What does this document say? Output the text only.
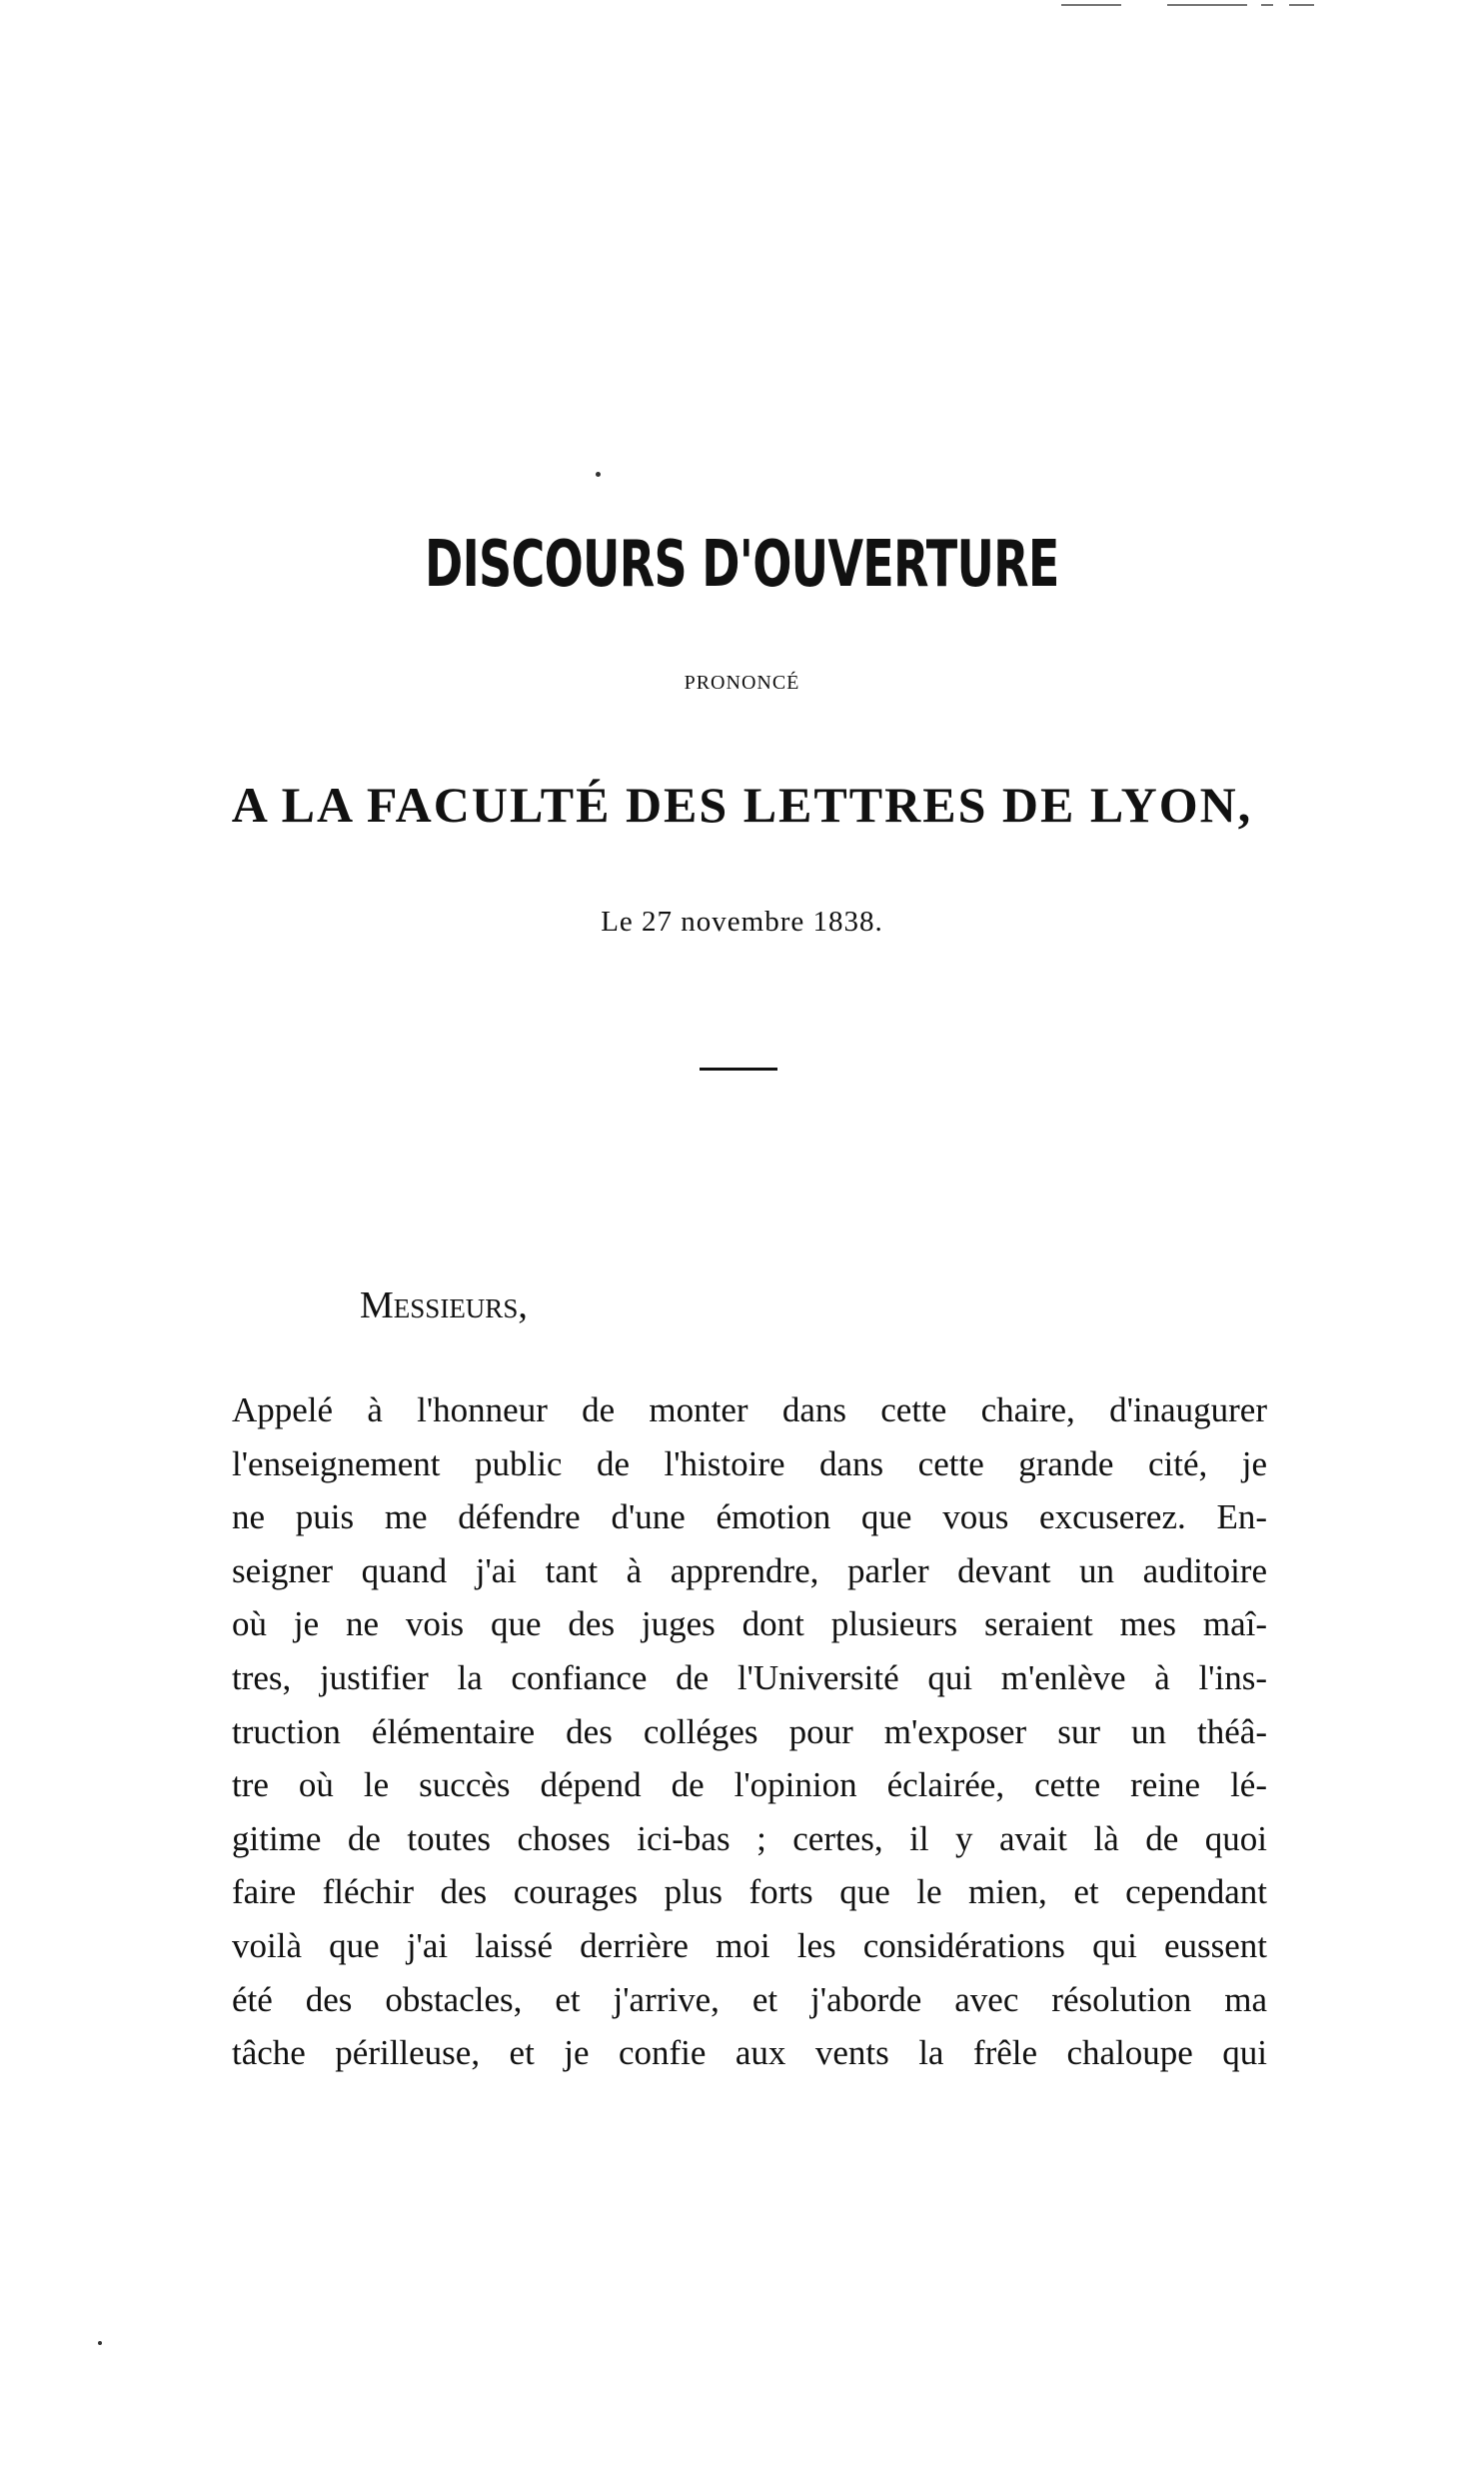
DISCOURS D'OUVERTURE

PRONONCÉ

A LA FACULTÉ DES LETTRES DE LYON,

Le 27 novembre 1838.

Messieurs,

Appelé à l'honneur de monter dans cette chaire, d'inaugurer
l'enseignement public de l'histoire dans cette grande cité, je
ne puis me défendre d'une émotion que vous excuserez. En-
seigner quand j'ai tant à apprendre, parler devant un auditoire
où je ne vois que des juges dont plusieurs seraient mes maî-
tres, justifier la confiance de l'Université qui m'enlève à l'ins-
truction élémentaire des colléges pour m'exposer sur un théâ-
tre où le succès dépend de l'opinion éclairée, cette reine lé-
gitime de toutes choses ici-bas ; certes, il y avait là de quoi
faire fléchir des courages plus forts que le mien, et cependant
voilà que j'ai laissé derrière moi les considérations qui eussent
été des obstacles, et j'arrive, et j'aborde avec résolution ma
tâche périlleuse, et je confie aux vents la frêle chaloupe qui
